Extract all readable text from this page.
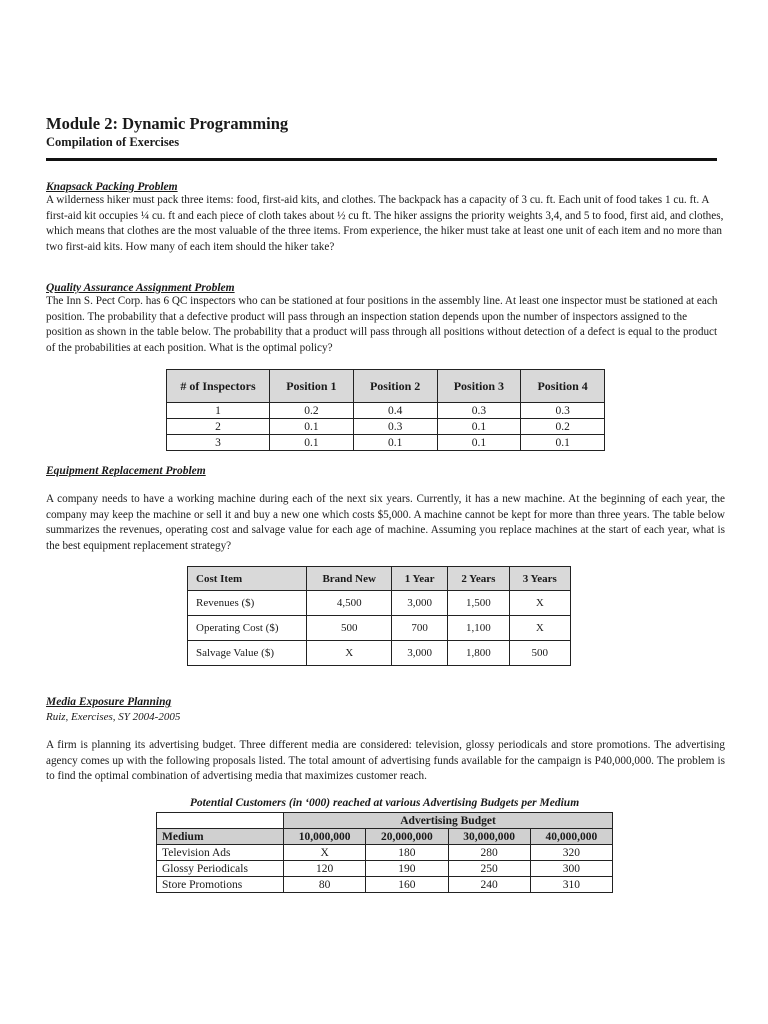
Module 2: Dynamic Programming
Compilation of Exercises

Knapsack Packing Problem

A wilderness hiker must pack three items: food, first-aid kits, and clothes. The backpack has a capacity of 3 cu. ft. Each unit of food takes 1 cu. ft. A first-aid kit occupies ¼ cu. ft and each piece of cloth takes about ½ cu ft. The hiker assigns the priority weights 3,4, and 5 to food, first aid, and clothes, which means that clothes are the most valuable of the three items. From experience, the hiker must take at least one unit of each item and no more than two first-aid kits. How many of each item should the hiker take?

Quality Assurance Assignment Problem

The Inn S. Pect Corp. has 6 QC inspectors who can be stationed at four positions in the assembly line. At least one inspector must be stationed at each position. The probability that a defective product will pass through an inspection station depends upon the number of inspectors assigned to the position as shown in the table below. The probability that a product will pass through all positions without detection of a defect is equal to the product of the probabilities at each position. What is the optimal policy?

# of Inspectors	Position 1	Position 2	Position 3	Position 4
1	0.2	0.4	0.3	0.3
2	0.1	0.3	0.1	0.2
3	0.1	0.1	0.1	0.1

Equipment Replacement Problem

A company needs to have a working machine during each of the next six years. Currently, it has a new machine. At the beginning of each year, the company may keep the machine or sell it and buy a new one which costs $5,000. A machine cannot be kept for more than three years. The table below summarizes the revenues, operating cost and salvage value for each age of machine. Assuming you replace machines at the start of each year, what is the best equipment replacement strategy?

Cost Item	Brand New	1 Year	2 Years	3 Years
Revenues ($)	4,500	3,000	1,500	X
Operating Cost ($)	500	700	1,100	X
Salvage Value ($)	X	3,000	1,800	500

Media Exposure Planning

Ruiz, Exercises, SY 2004-2005

A firm is planning its advertising budget. Three different media are considered: television, glossy periodicals and store promotions. The advertising agency comes up with the following proposals listed. The total amount of advertising funds available for the campaign is P40,000,000. The problem is to find the optimal combination of advertising media that maximizes customer reach.

Potential Customers (in ‘000) reached at various Advertising Budgets per Medium

	Advertising Budget			
Medium	10,000,000	20,000,000	30,000,000	40,000,000
Television Ads	X	180	280	320
Glossy Periodicals	120	190	250	300
Store Promotions	80	160	240	310
